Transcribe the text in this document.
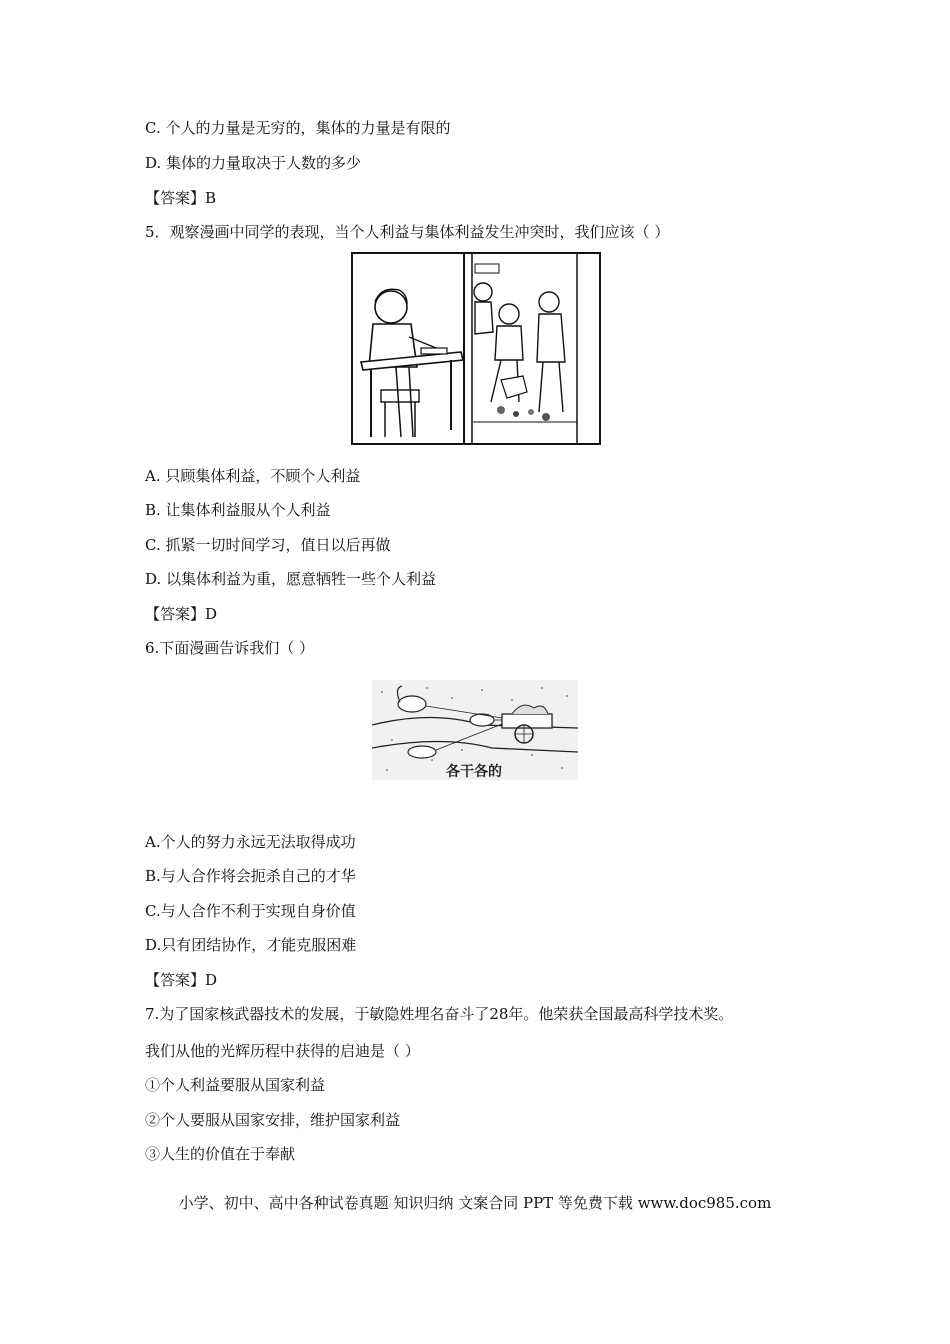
C. 个人的力量是无穷的，集体的力量是有限的
D. 集体的力量取决于人数的多少
【答案】B
5．观察漫画中同学的表现，当个人利益与集体利益发生冲突时，我们应该（ ）
A. 只顾集体利益，不顾个人利益
B. 让集体利益服从个人利益
C. 抓紧一切时间学习，值日以后再做
D. 以集体利益为重，愿意牺牲一些个人利益
【答案】D
6.下面漫画告诉我们（ ）
各干各的
A.个人的努力永远无法取得成功
B.与人合作将会扼杀自己的才华
C.与人合作不利于实现自身价值
D.只有团结协作，才能克服困难
【答案】D
7.为了国家核武器技术的发展，于敏隐姓埋名奋斗了28年。他荣获全国最高科学技术奖。
我们从他的光辉历程中获得的启迪是（ ）
①个人利益要服从国家利益
②个人要服从国家安排，维护国家利益
③人生的价值在于奉献
小学、初中、高中各种试卷真题 知识归纳 文案合同 PPT 等免费下载 www.doc985.com
